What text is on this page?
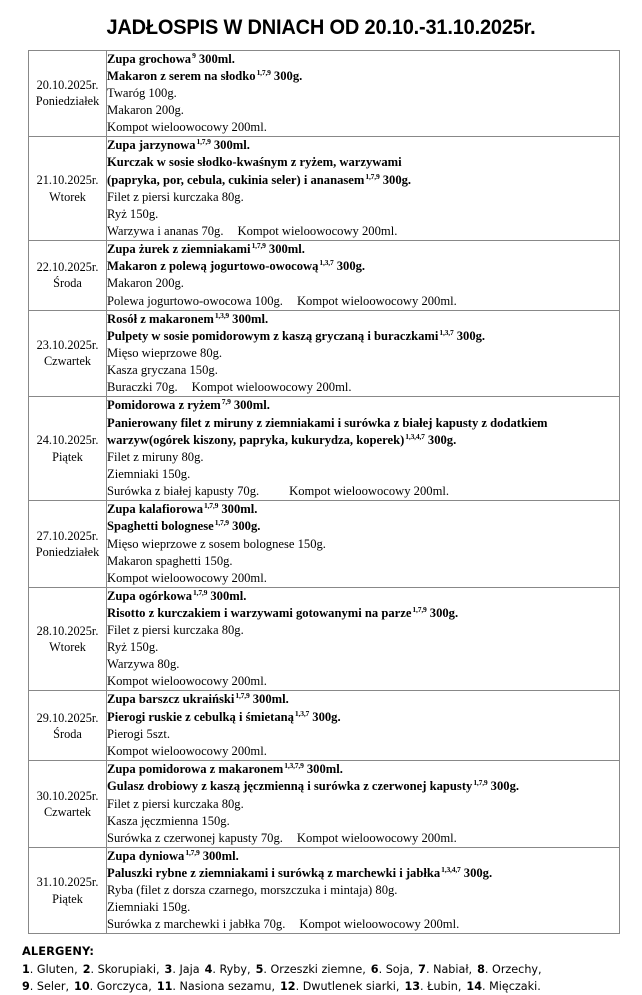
JADŁOSPIS W DNIACH OD 20.10.-31.10.2025r.
20.10.2025r.
Poniedziałek

Zupa grochowa$^9$ 300ml.
Makaron z serem na słodko$^{1,7,9}$ 300g.
Twaróg 100g.
Makaron 200g.
Kompot wieloowocowy 200ml.

21.10.2025r.
Wtorek

Zupa jarzynowa$^{1,7,9}$ 300ml.
Kurczak w sosie słodko-kwaśnym z ryżem, warzywami
(papryka, por, cebula, cukinia seler) i ananasem$^{1,7,9}$ 300g.
Filet z piersi kurczaka 80g.
Ryż 150g.
Warzywa i ananas 70g. Kompot wieloowocowy 200ml.

22.10.2025r.
Środa

Zupa żurek z ziemniakami$^{1,7,9}$ 300ml.
Makaron z polewą jogurtowo-owocową$^{1,3,7}$ 300g.
Makaron 200g.
Polewa jogurtowo-owocowa 100g. Kompot wieloowocowy 200ml.

23.10.2025r.
Czwartek

Rosół z makaronem$^{1,3,9}$ 300ml.
Pulpety w sosie pomidorowym z kaszą gryczaną i buraczkami$^{1,3,7}$ 300g.
Mięso wieprzowe 80g.
Kasza gryczana 150g.
Buraczki 70g. Kompot wieloowocowy 200ml.

24.10.2025r.
Piątek

Pomidorowa z ryżem$^{7,9}$ 300ml.
Panierowany filet z miruny z ziemniakami i surówka z białej kapusty z dodatkiem
warzyw(ogórek kiszony, papryka, kukurydza, koperek)$^{1,3,4,7}$ 300g.
Filet z miruny 80g.
Ziemniaki 150g.
Surówka z białej kapusty 70g. Kompot wieloowocowy 200ml.

27.10.2025r.
Poniedziałek

Zupa kalafiorowa$^{1,7,9}$ 300ml.
Spaghetti bolognese$^{1,7,9}$ 300g.
Mięso wieprzowe z sosem bolognese 150g.
Makaron spaghetti 150g.
Kompot wieloowocowy 200ml.

28.10.2025r.
Wtorek

Zupa ogórkowa$^{1,7,9}$ 300ml.
Risotto z kurczakiem i warzywami gotowanymi na parze$^{1,7,9}$ 300g.
Filet z piersi kurczaka 80g.
Ryż 150g.
Warzywa 80g.
Kompot wieloowocowy 200ml.

29.10.2025r.
Środa

Zupa barszcz ukraiński$^{1,7,9}$ 300ml.
Pierogi ruskie z cebulką i śmietaną$^{1,3,7}$ 300g.
Pierogi 5szt.
Kompot wieloowocowy 200ml.

30.10.2025r.
Czwartek

Zupa pomidorowa z makaronem$^{1,3,7,9}$ 300ml.
Gulasz drobiowy z kaszą jęczmienną i surówka z czerwonej kapusty$^{1,7,9}$ 300g.
Filet z piersi kurczaka 80g.
Kasza jęczmienna 150g.
Surówka z czerwonej kapusty 70g. Kompot wieloowocowy 200ml.

31.10.2025r.
Piątek

Zupa dyniowa$^{1,7,9}$ 300ml.
Paluszki rybne z ziemniakami i surówką z marchewki i jabłka$^{1,3,4,7}$ 300g.
Ryba (filet z dorsza czarnego, morszczuka i mintaja) 80g.
Ziemniaki 150g.
Surówka z marchewki i jabłka 70g. Kompot wieloowocowy 200ml.
ALERGENY:
1. Gluten, 2. Skorupiaki, 3. Jaja 4. Ryby, 5. Orzeszki ziemne, 6. Soja, 7. Nabiał, 8. Orzechy,
9. Seler, 10. Gorczyca, 11. Nasiona sezamu, 12. Dwutlenek siarki, 13. Łubin, 14. Mięczaki.
